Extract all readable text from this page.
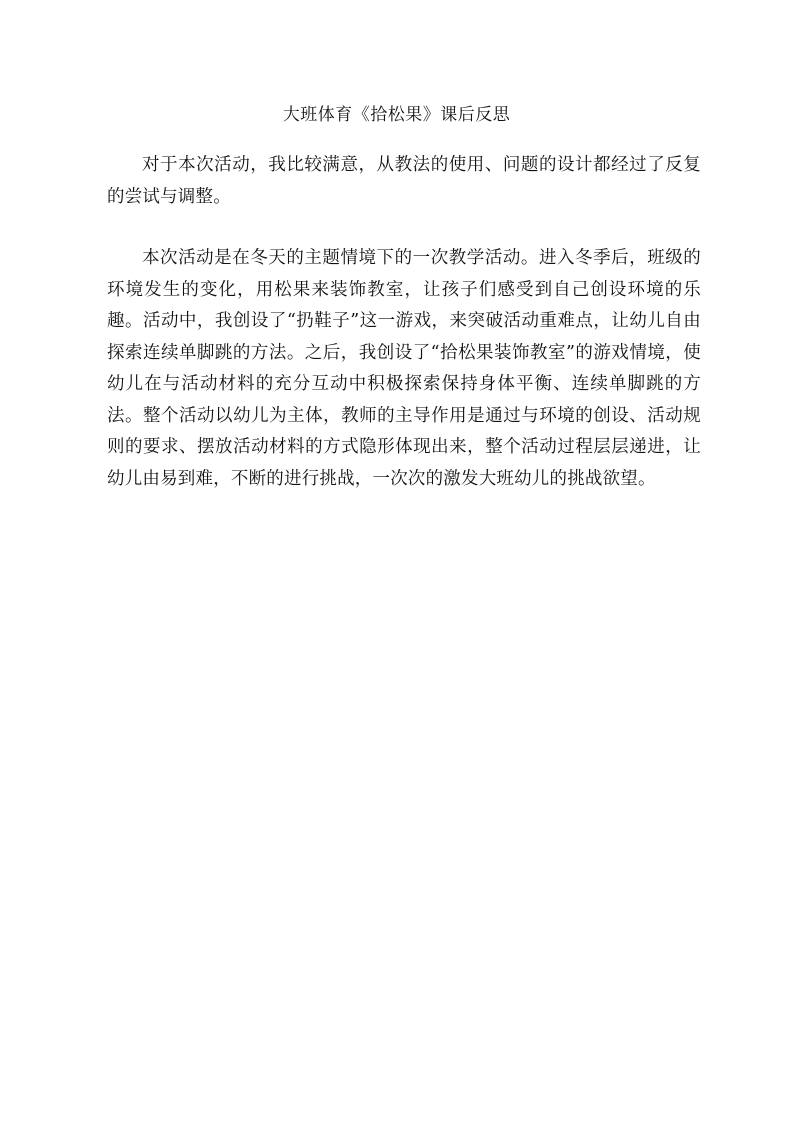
大班体育《拾松果》课后反思

对于本次活动，我比较满意，从教法的使用、问题的设计都经过了反复的尝试与调整。

本次活动是在冬天的主题情境下的一次教学活动。进入冬季后，班级的环境发生的变化，用松果来装饰教室，让孩子们感受到自己创设环境的乐趣。活动中，我创设了“扔鞋子”这一游戏，来突破活动重难点，让幼儿自由探索连续单脚跳的方法。之后，我创设了“拾松果装饰教室”的游戏情境，使幼儿在与活动材料的充分互动中积极探索保持身体平衡、连续单脚跳的方法。整个活动以幼儿为主体，教师的主导作用是通过与环境的创设、活动规则的要求、摆放活动材料的方式隐形体现出来，整个活动过程层层递进，让幼儿由易到难，不断的进行挑战，一次次的激发大班幼儿的挑战欲望。
